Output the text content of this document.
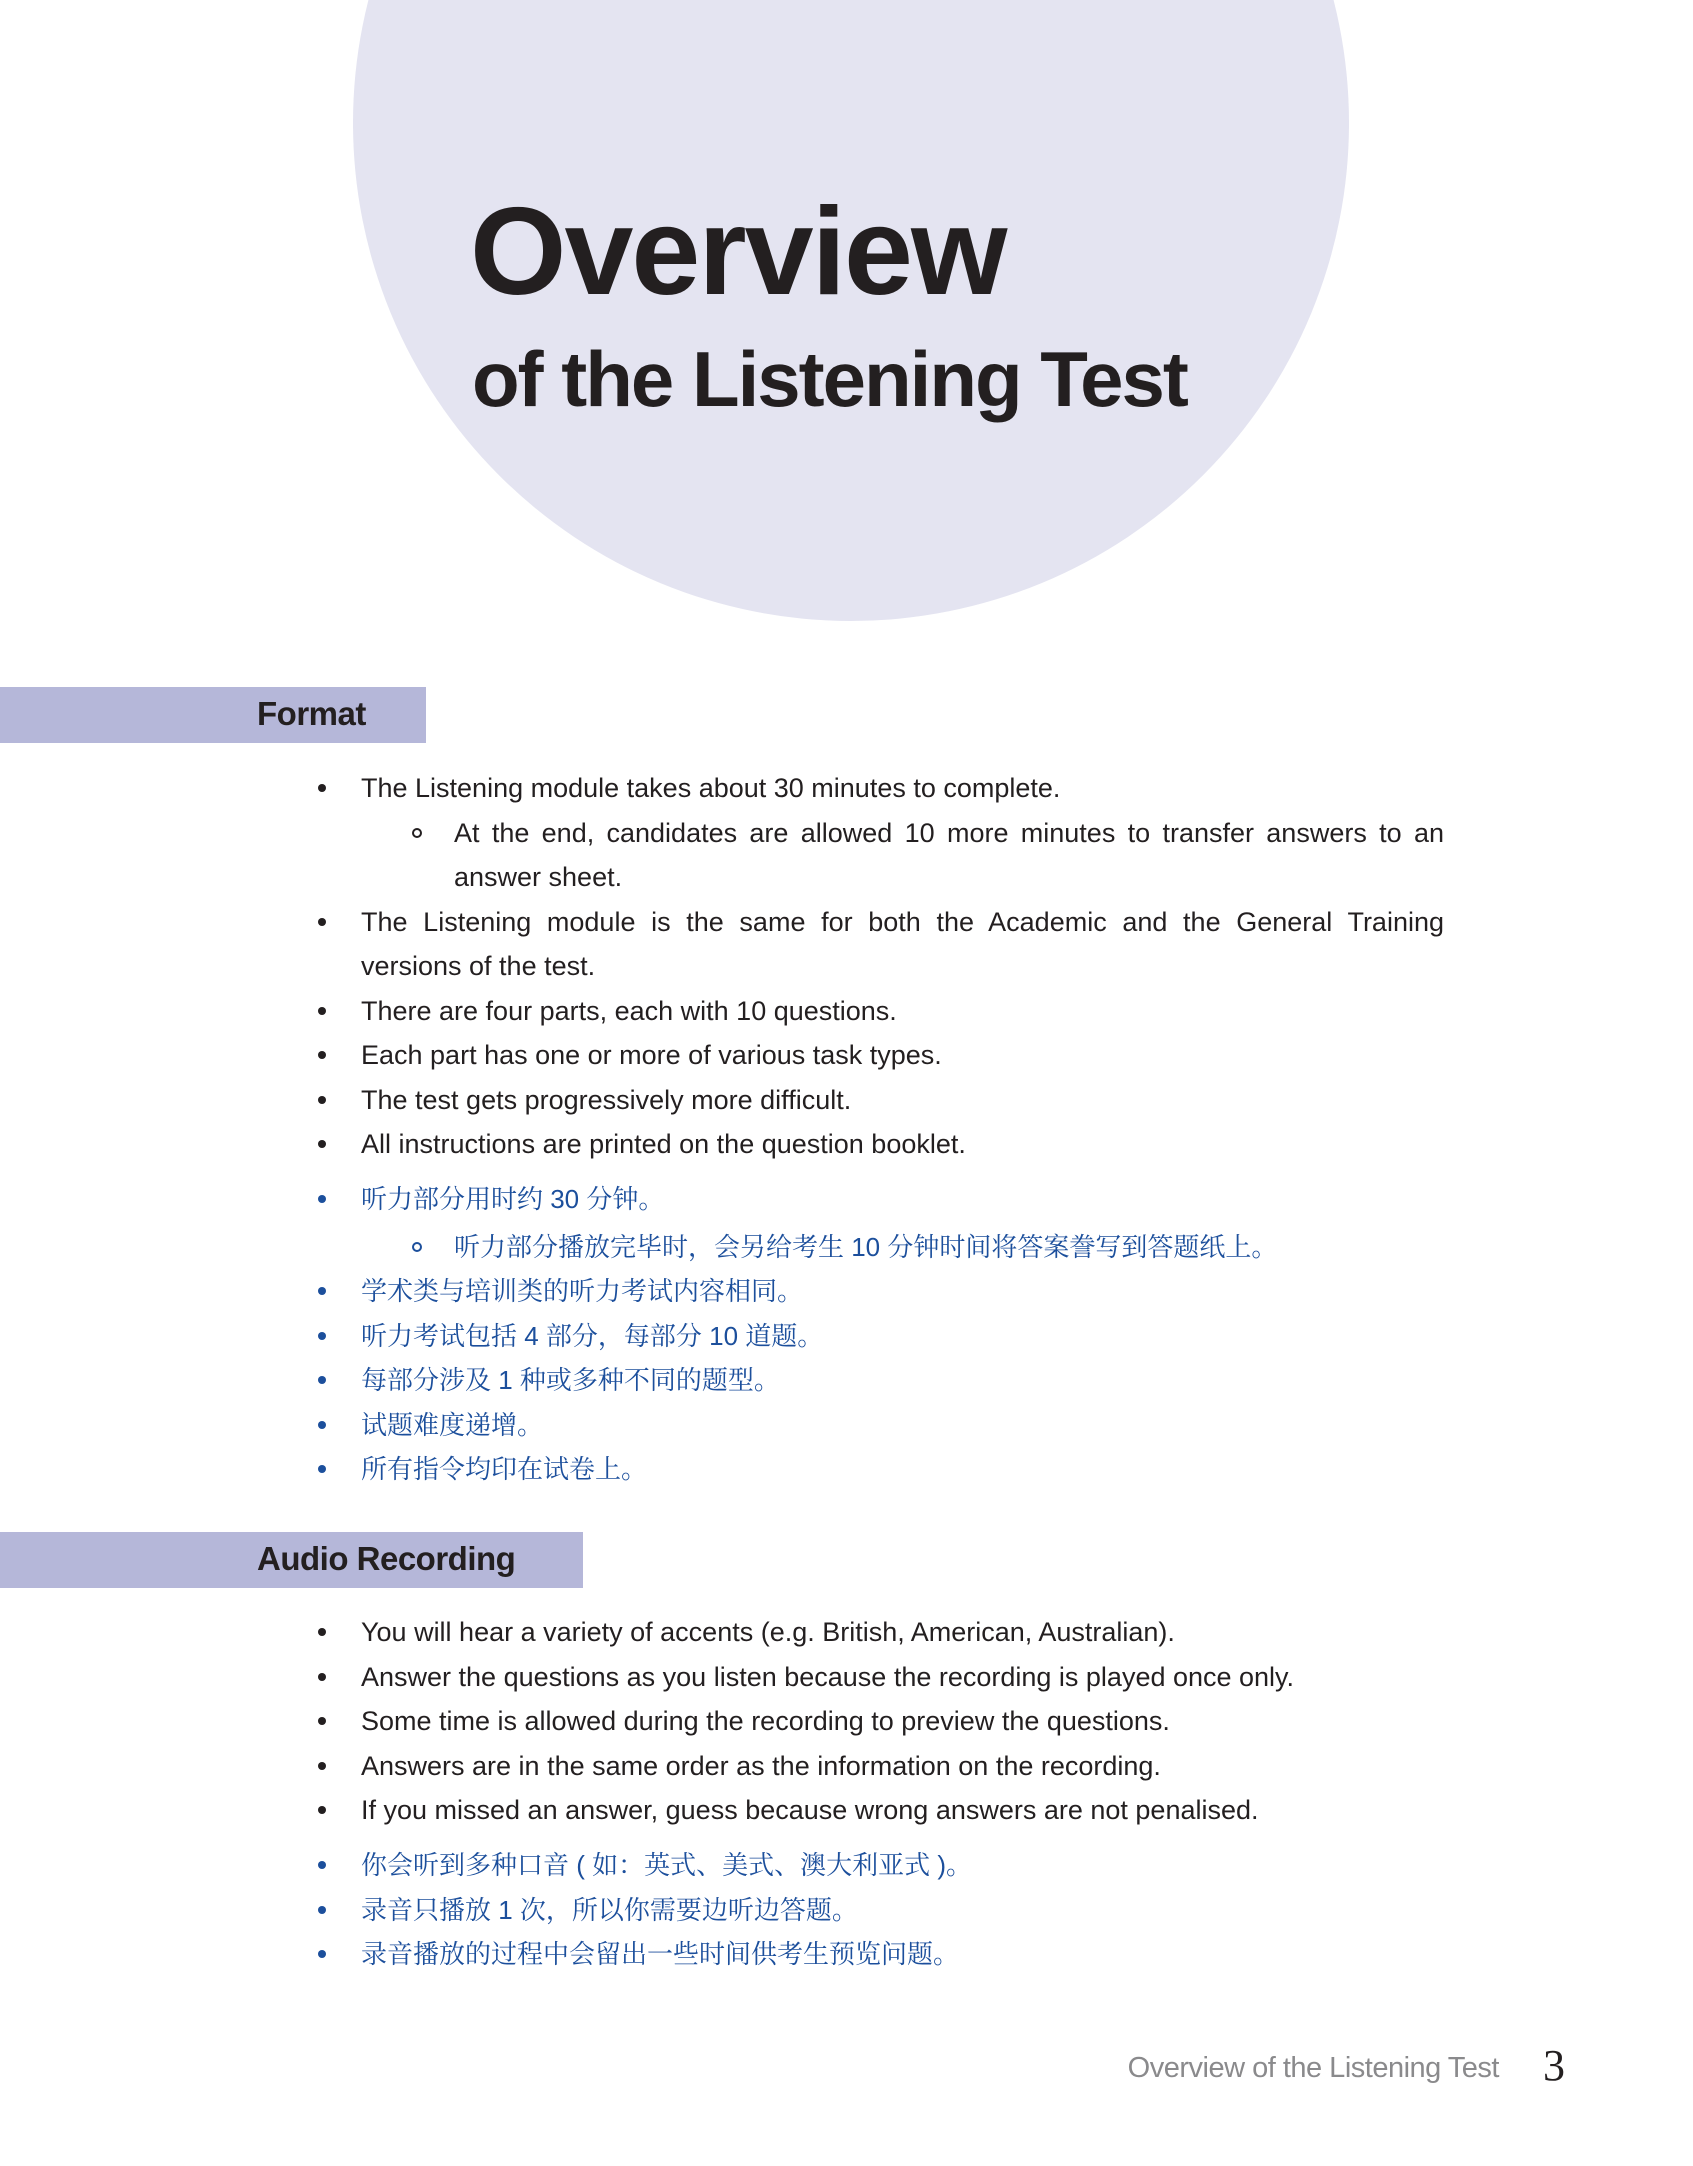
Overview
of the Listening Test
Format
The Listening module takes about 30 minutes to complete.
At the end, candidates are allowed 10 more minutes to transfer answers to an answer sheet.
The Listening module is the same for both the Academic and the General Training versions of the test.
There are four parts, each with 10 questions.
Each part has one or more of various task types.
The test gets progressively more difficult.
All instructions are printed on the question booklet.
听力部分用时约 30 分钟。
听力部分播放完毕时，会另给考生 10 分钟时间将答案誊写到答题纸上。
学术类与培训类的听力考试内容相同。
听力考试包括 4 部分，每部分 10 道题。
每部分涉及 1 种或多种不同的题型。
试题难度递增。
所有指令均印在试卷上。
Audio Recording
You will hear a variety of accents (e.g. British, American, Australian).
Answer the questions as you listen because the recording is played once only.
Some time is allowed during the recording to preview the questions.
Answers are in the same order as the information on the recording.
If you missed an answer, guess because wrong answers are not penalised.
你会听到多种口音 ( 如：英式、美式、澳大利亚式 )。
录音只播放 1 次，所以你需要边听边答题。
录音播放的过程中会留出一些时间供考生预览问题。
Overview of the Listening Test 3
